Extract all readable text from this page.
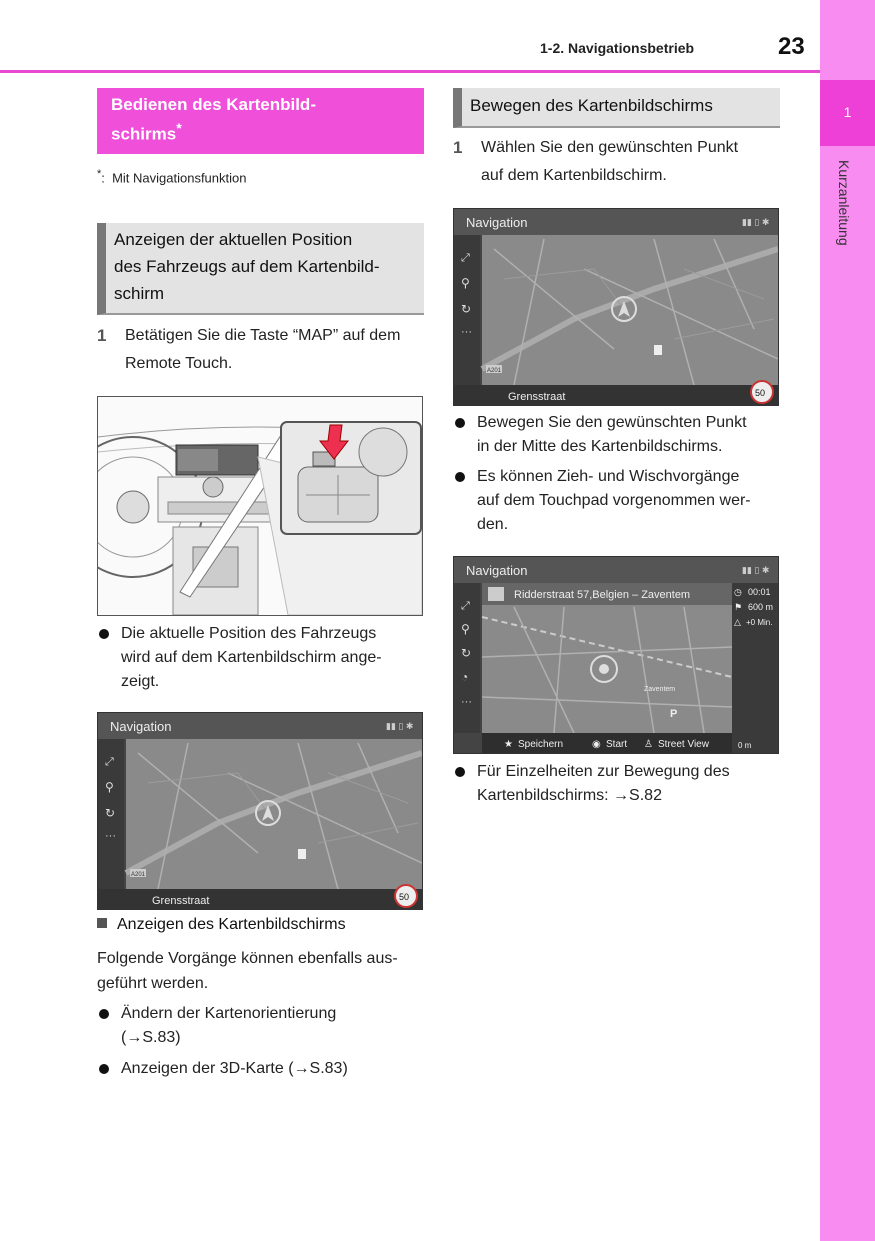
1-2. Navigationsbetrieb	23
1
Kurzanleitung
Bedienen des Kartenbild-
schirms*
*: Mit Navigationsfunktion
Anzeigen der aktuellen Position
des Fahrzeugs auf dem Kartenbild-
schirm
1 Betätigen Sie die Taste “MAP” auf dem
Remote Touch.
Die aktuelle Position des Fahrzeugs
wird auf dem Kartenbildschirm ange-
zeigt.
Navigation	▮▮ ▯ ✱
⤢
⚲
↻
···
A201
Grensstraat	50
Anzeigen des Kartenbildschirms
Folgende Vorgänge können ebenfalls aus-
geführt werden.
Ändern der Kartenorientierung
(→S.83)
Anzeigen der 3D-Karte (→S.83)
Bewegen des Kartenbildschirms
1 Wählen Sie den gewünschten Punkt
auf dem Kartenbildschirm.
Navigation	▮▮ ▯ ✱
⤢
⚲
↻
···
A201
Grensstraat	50
Bewegen Sie den gewünschten Punkt
in der Mitte des Kartenbildschirms.
Es können Zieh- und Wischvorgänge
auf dem Touchpad vorgenommen wer-
den.
Navigation	▮▮ ▯ ✱
⤢
⚲
↻
◔
···
Ridderstraat 57,Belgien – Zaventem
Zaventem
P
◷ 00:01
⚑ 600 m
△ +0 Min.
★ Speichern	◉ Start ♙ Street View	0 m
Für Einzelheiten zur Bewegung des
Kartenbildschirms: →S.82
